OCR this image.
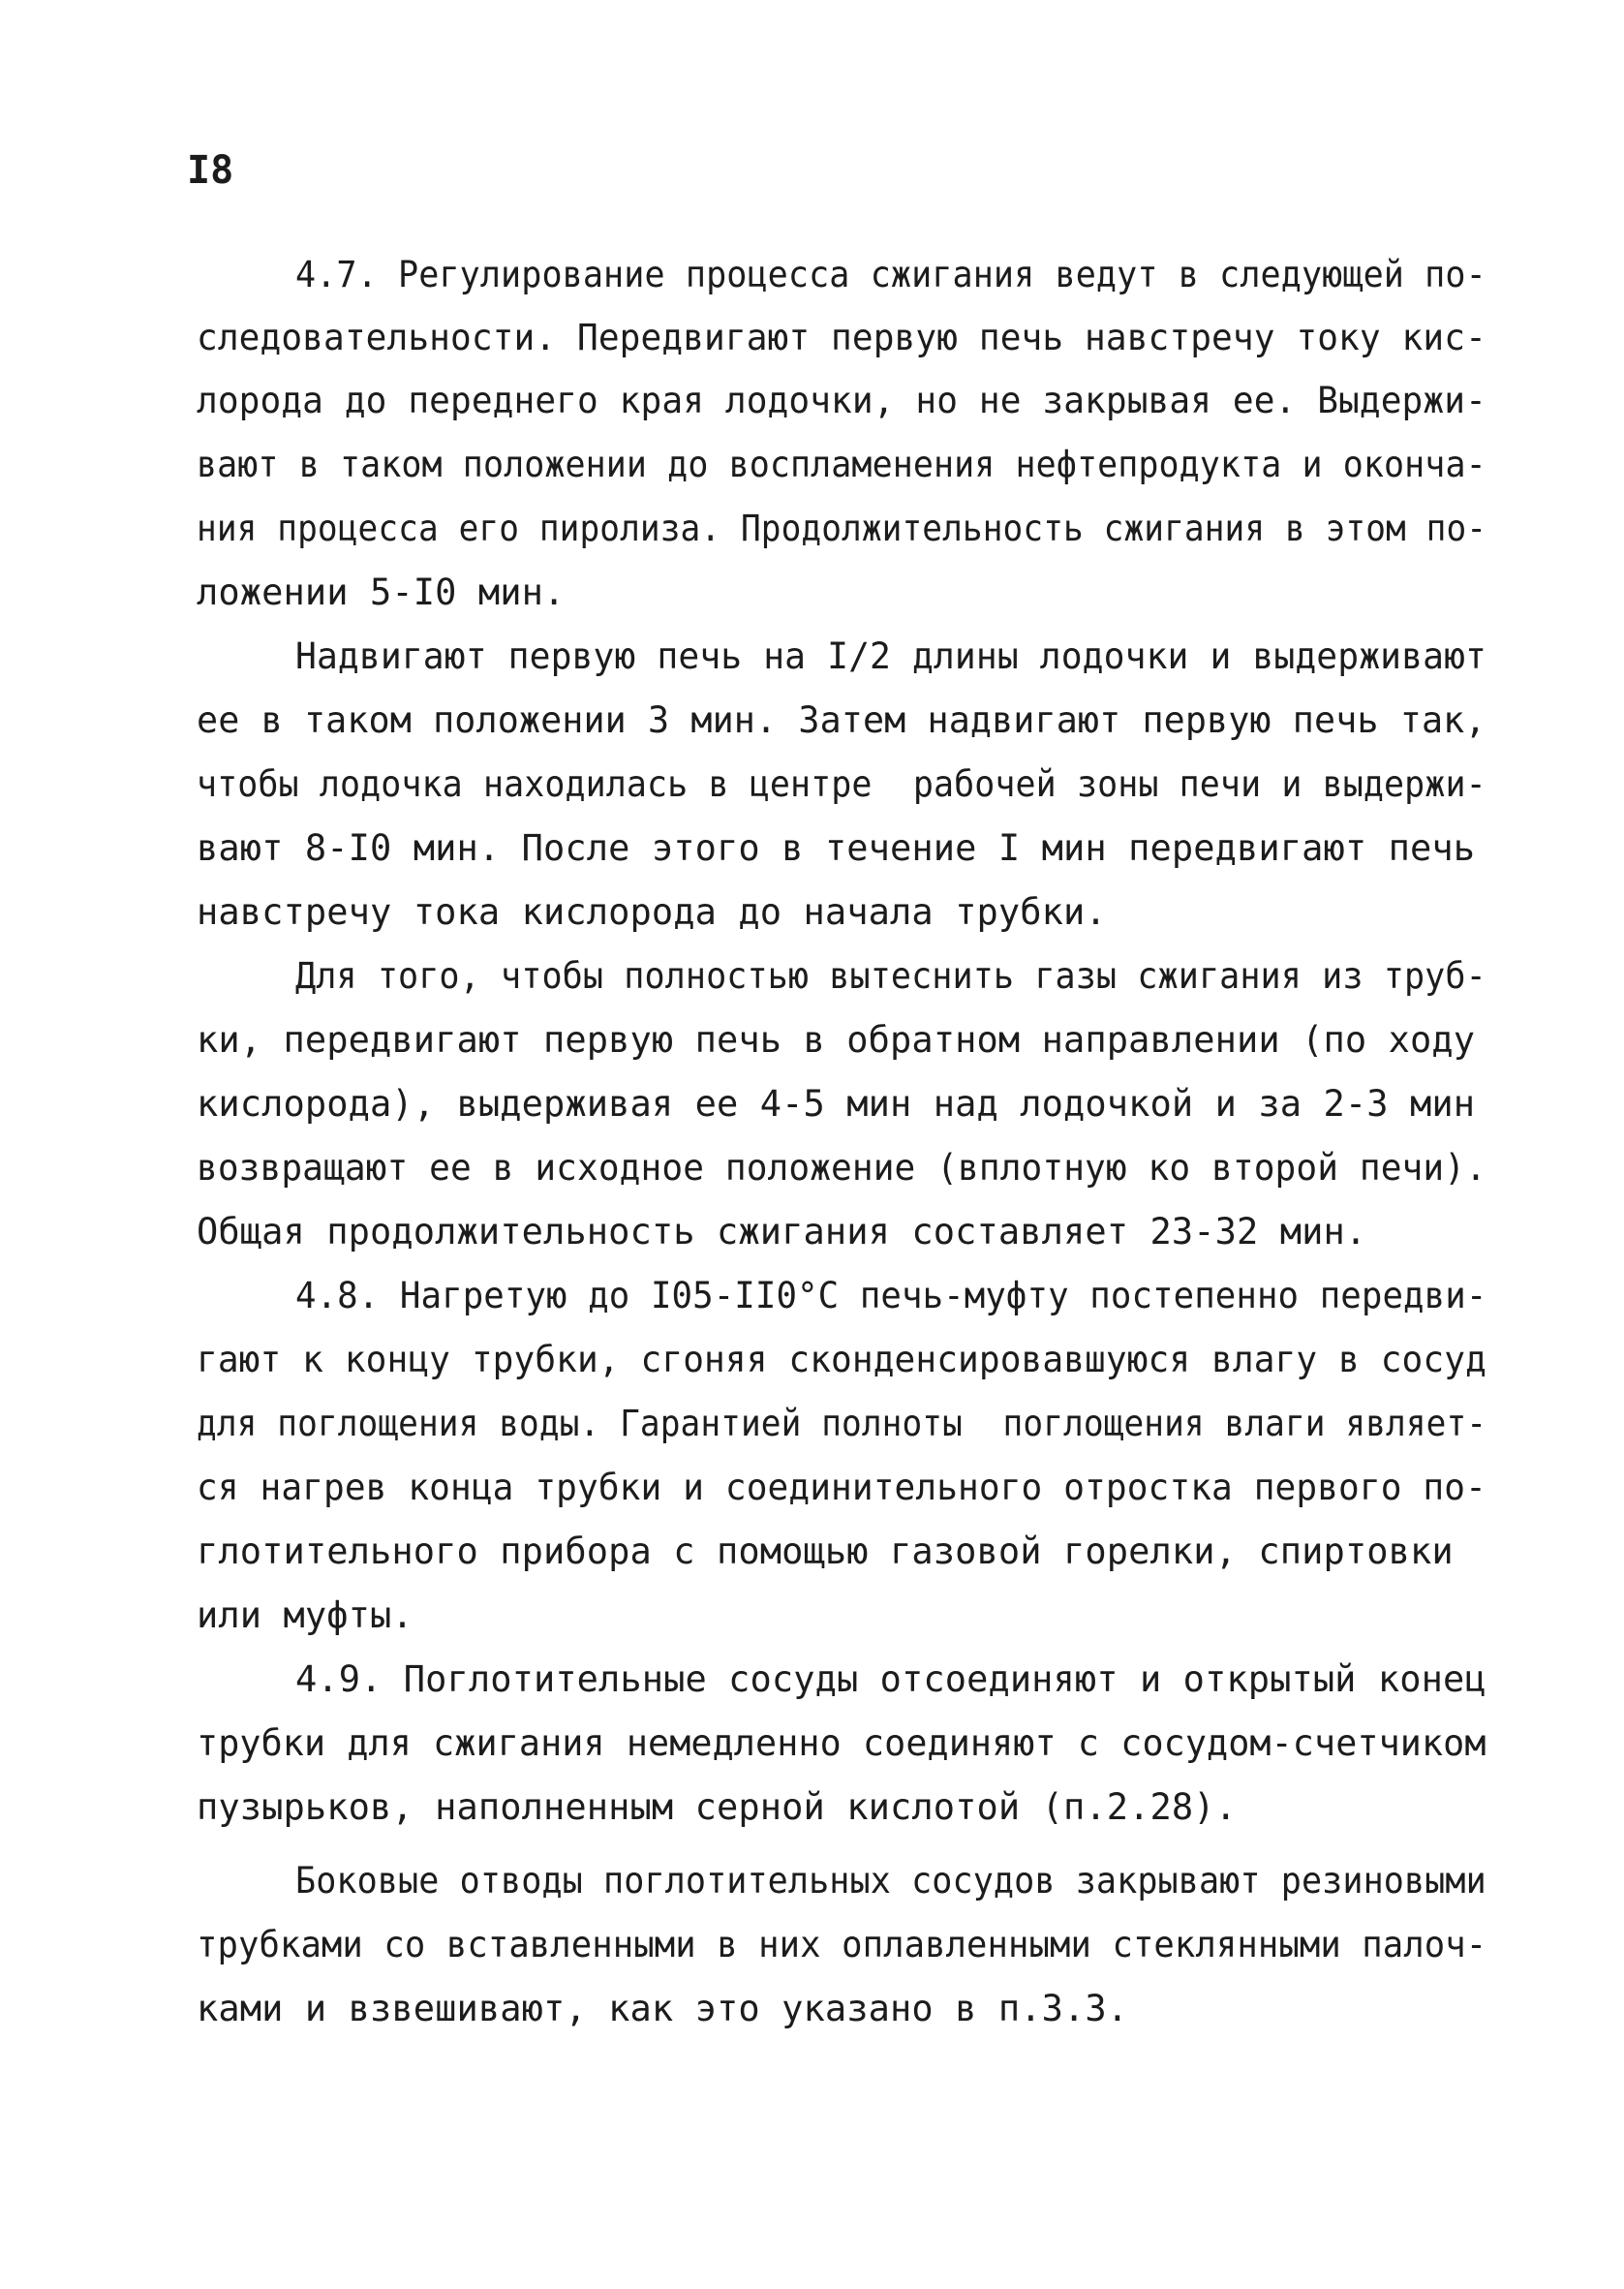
I8
4.7. Регулирование процесса сжигания ведут в следующей по-
следовательности. Передвигают первую печь навстречу току кис-
лорода до переднего края лодочки, но не закрывая ее. Выдержи-
вают в таком положении до воспламенения нефтепродукта и оконча-
ния процесса его пиролиза. Продолжительность сжигания в этом по-
ложении 5-I0 мин.
Надвигают первую печь на I/2 длины лодочки и выдерживают
ее в таком положении 3 мин. Затем надвигают первую печь так,
чтобы лодочка находилась в центре  рабочей зоны печи и выдержи-
вают 8-I0 мин. После этого в течение I мин передвигают печь
навстречу тока кислорода до начала трубки.
Для того, чтобы полностью вытеснить газы сжигания из труб-
ки, передвигают первую печь в обратном направлении (по ходу
кислорода), выдерживая ее 4-5 мин над лодочкой и за 2-3 мин
возвращают ее в исходное положение (вплотную ко второй печи).
Общая продолжительность сжигания составляет 23-32 мин.
4.8. Нагретую до I05-II0°С печь-муфту постепенно передви-
гают к концу трубки, сгоняя сконденсировавшуюся влагу в сосуд
для поглощения воды. Гарантией полноты  поглощения влаги являет-
ся нагрев конца трубки и соединительного отростка первого по-
глотительного прибора с помощью газовой горелки, спиртовки
или муфты.
4.9. Поглотительные сосуды отсоединяют и открытый конец
трубки для сжигания немедленно соединяют с сосудом-счетчиком
пузырьков, наполненным серной кислотой (п.2.28).
Боковые отводы поглотительных сосудов закрывают резиновыми
трубками со вставленными в них оплавленными стеклянными палоч-
ками и взвешивают, как это указано в п.3.3.
